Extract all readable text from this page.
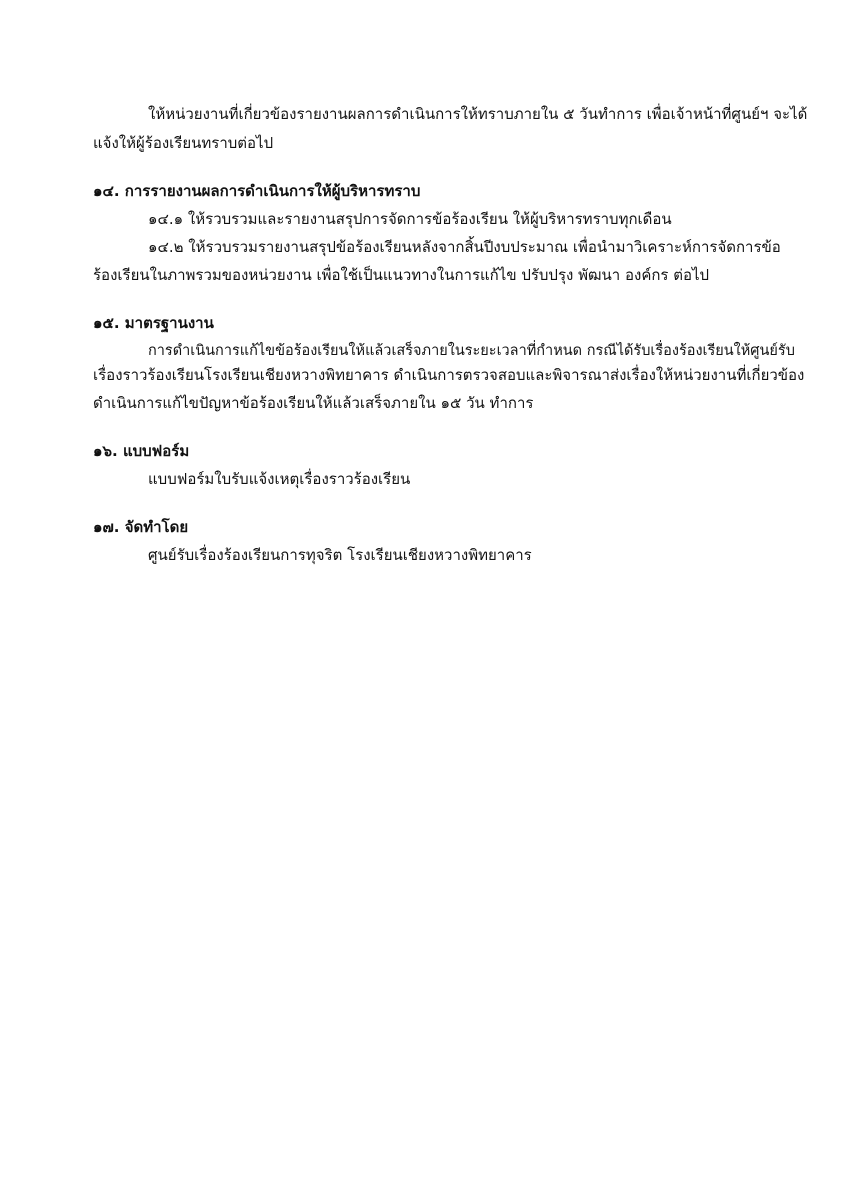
ให้หน่วยงานที่เกี่ยวข้องรายงานผลการดำเนินการให้ทราบภายใน ๕ วันทำการ เพื่อเจ้าหน้าที่ศูนย์ฯ จะได้

แจ้งให้ผู้ร้องเรียนทราบต่อไป

๑๔. การรายงานผลการดำเนินการให้ผู้บริหารทราบ

๑๔.๑ ให้รวบรวมและรายงานสรุปการจัดการข้อร้องเรียน ให้ผู้บริหารทราบทุกเดือน

๑๔.๒ ให้รวบรวมรายงานสรุปข้อร้องเรียนหลังจากสิ้นปีงบประมาณ เพื่อนำมาวิเคราะห์การจัดการข้อ

ร้องเรียนในภาพรวมของหน่วยงาน เพื่อใช้เป็นแนวทางในการแก้ไข ปรับปรุง พัฒนา องค์กร ต่อไป

๑๕. มาตรฐานงาน

การดำเนินการแก้ไขข้อร้องเรียนให้แล้วเสร็จภายในระยะเวลาที่กำหนด กรณีได้รับเรื่องร้องเรียนให้ศูนย์รับ

เรื่องราวร้องเรียนโรงเรียนเชียงหวางพิทยาคาร ดำเนินการตรวจสอบและพิจารณาส่งเรื่องให้หน่วยงานที่เกี่ยวข้อง

ดำเนินการแก้ไขปัญหาข้อร้องเรียนให้แล้วเสร็จภายใน ๑๕ วัน ทำการ

๑๖. แบบฟอร์ม

แบบฟอร์มใบรับแจ้งเหตุเรื่องราวร้องเรียน

๑๗. จัดทำโดย

ศูนย์รับเรื่องร้องเรียนการทุจริต โรงเรียนเชียงหวางพิทยาคาร
